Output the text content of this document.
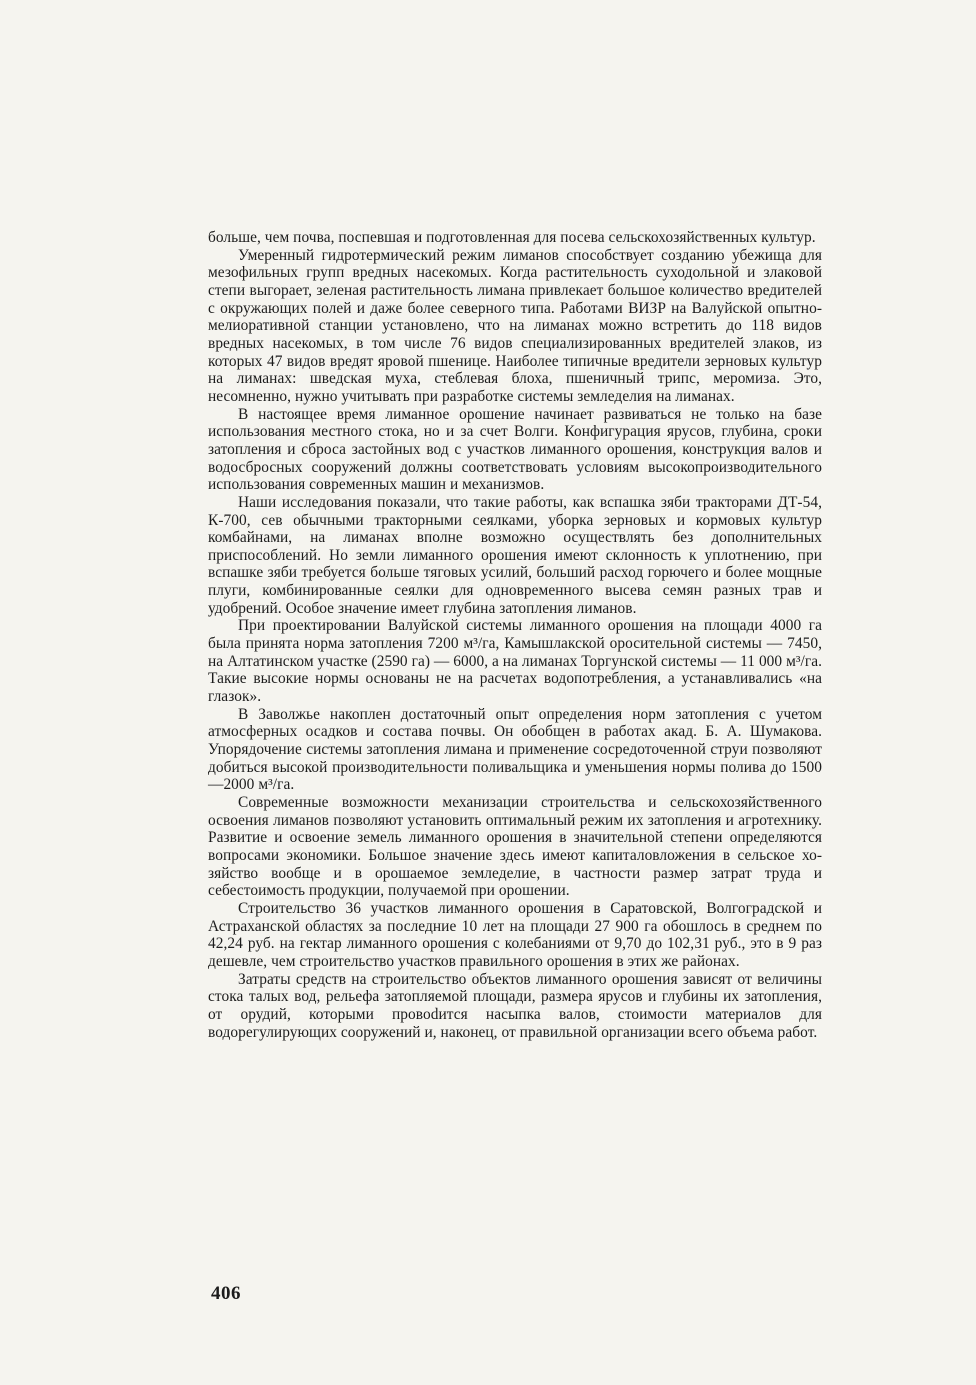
больше, чем почва, поспевшая и подготовленная для посева сельскохозяйственных культур.

Умеренный гидротермический режим лиманов способствует созданию убежища для мезофильных групп вредных насекомых. Когда растительность суходольной и злаковой степи выгорает, зеленая растительность лимана привлекает большое количество вредителей с окружающих полей и даже более северного типа. Работами ВИЗР на Валуйской опытно-мелиоративной станции установлено, что на лиманах можно встретить до 118 видов вредных насекомых, в том числе 76 видов специализированных вредителей злаков, из которых 47 видов вредят яровой пшенице. Наиболее типичные вредители зерновых культур на лиманах: шведская муха, стеблевая блоха, пшеничный трипс, меромиза. Это, несомненно, нужно учитывать при разработке системы земледелия на лиманах.

В настоящее время лиманное орошение начинает развиваться не только на базе использования местного стока, но и за счет Волги. Конфигурация ярусов, глубина, сроки затопления и сброса застойных вод с участков лиманного орошения, конструкция валов и водосбросных сооружений должны соответствовать условиям высокопроизводительного использования современных машин и механизмов.

Наши исследования показали, что такие работы, как вспашка зяби тракторами ДТ-54, К-700, сев обычными тракторными сеялками, уборка зерновых и кормовых культур комбайнами, на лиманах вполне возможно осуществлять без дополнительных приспособлений. Но земли лиманного орошения имеют склонность к уплотнению, при вспашке зяби требуется больше тяговых усилий, больший расход горючего и более мощные плуги, комбинированные сеялки для одновременного высева семян разных трав и удобрений. Особое значение имеет глубина затопления лиманов.

При проектировании Валуйской системы лиманного орошения на площади 4000 га была принята норма затопления 7200 м³/га, Камышлакской оросительной системы — 7450, на Алтатинском участке (2590 га) — 6000, а на лиманах Торгунской системы — 11 000 м³/га. Такие высокие нормы основаны не на расчетах водопотребления, а устанавливались «на глазок».

В Заволжье накоплен достаточный опыт определения норм затопления с учетом атмосферных осадков и состава почвы. Он обобщен в работах акад. Б. А. Шумакова. Упорядочение системы затопления лимана и применение сосредоточенной струи позволяют добиться высокой производительности поливальщика и уменьшения нормы полива до 1500—2000 м³/га.

Современные возможности механизации строительства и сельскохозяйственного освоения лиманов позволяют установить оптимальный режим их затопления и агротехнику. Развитие и освоение земель лиманного орошения в значительной степени определяются вопросами экономики. Большое значение здесь имеют капиталовложения в сельское хозяйство вообще и в орошаемое земледелие, в частности размер затрат труда и себестоимость продукции, получаемой при орошении.

Строительство 36 участков лиманного орошения в Саратовской, Волгоградской и Астраханской областях за последние 10 лет на площади 27 900 га обошлось в среднем по 42,24 руб. на гектар лиманного орошения с колебаниями от 9,70 до 102,31 руб., это в 9 раз дешевле, чем строительство участков правильного орошения в этих же районах.

Затраты средств на строительство объектов лиманного орошения зависят от величины стока талых вод, рельефа затопляемой площади, размера ярусов и глубины их затопления, от орудий, которыми провоdится насыпка валов, стоимости материалов для водорегулирующих сооружений и, наконец, от правильной организации всего объема работ.

406
